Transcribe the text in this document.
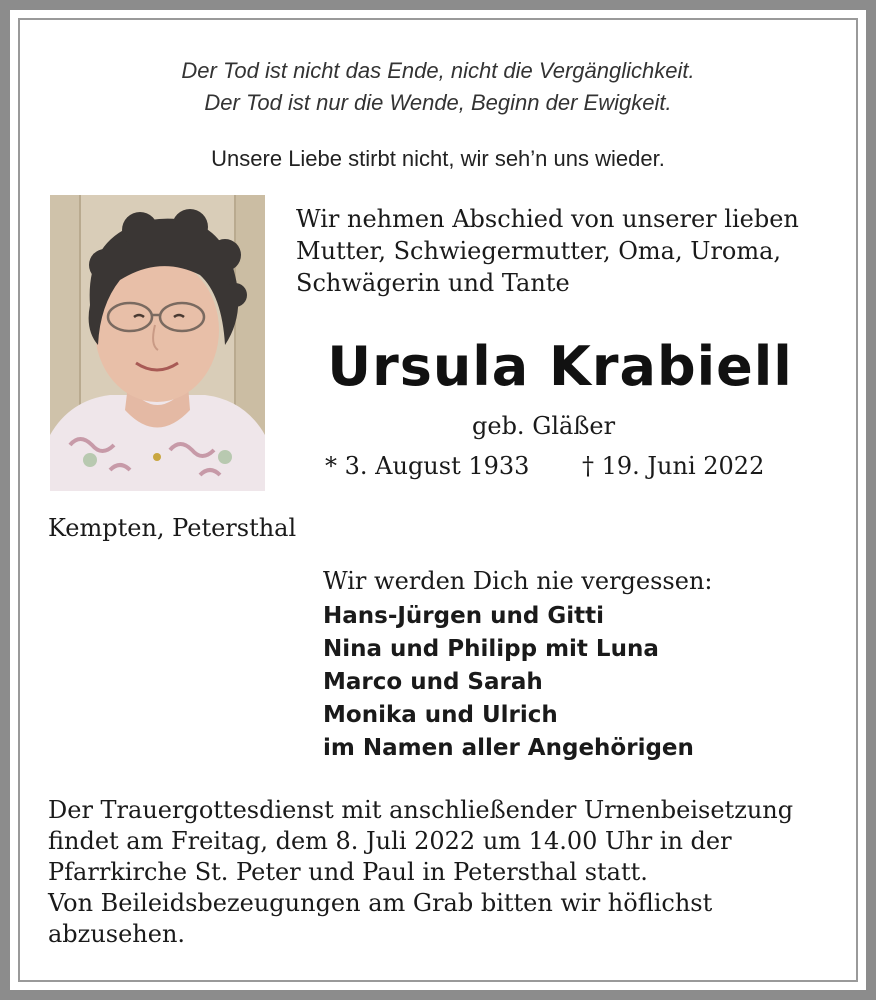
Der Tod ist nicht das Ende, nicht die Vergänglichkeit.

Der Tod ist nur die Wende, Beginn der Ewigkeit.

Unsere Liebe stirbt nicht, wir seh’n uns wieder.

Wir nehmen Abschied von unserer lieben
Mutter, Schwiegermutter, Oma, Uroma,
Schwägerin und Tante

Ursula Krabiell

geb. Gläßer

* 3. August 1933 † 19. Juni 2022

Kempten, Petersthal

Wir werden Dich nie vergessen:

Hans-Jürgen und Gitti
Nina und Philipp mit Luna
Marco und Sarah
Monika und Ulrich
im Namen aller Angehörigen
Der Trauergottesdienst mit anschließender Urnenbeisetzung
findet am Freitag, dem 8. Juli 2022 um 14.00 Uhr in der
Pfarrkirche St. Peter und Paul in Petersthal statt.
Von Beileidsbezeugungen am Grab bitten wir höflichst
abzusehen.
